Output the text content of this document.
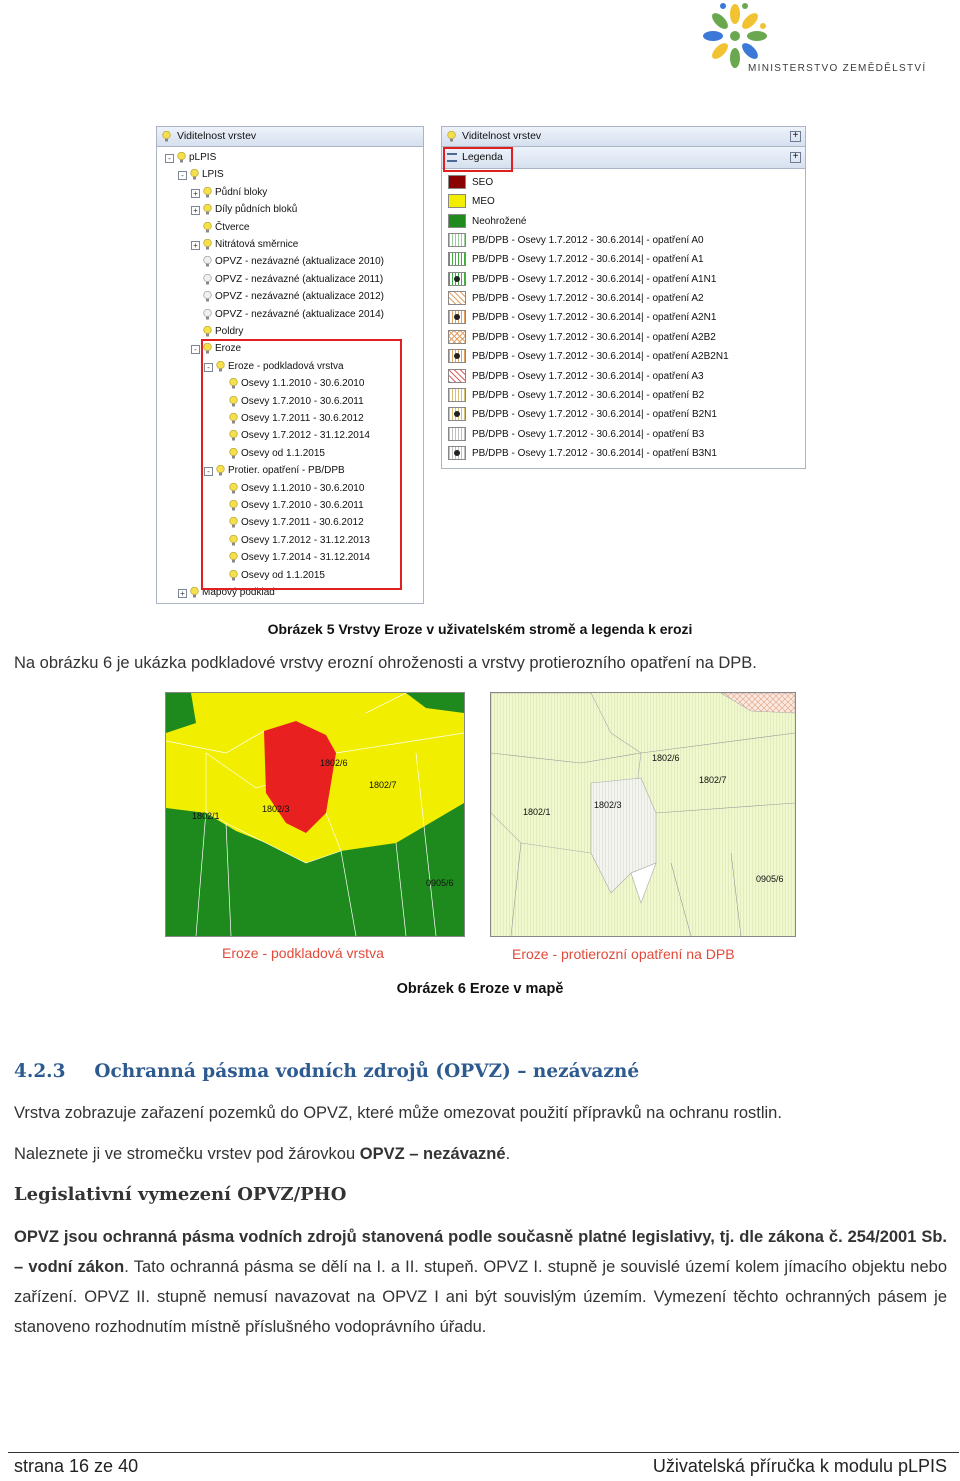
MINISTERSTVO ZEMĚDĚLSTVÍ
Viditelnost vrstev
-	pLPIS
-	LPIS
+ Půdní bloky
+ Díly půdních bloků
Čtverce
+ Nitrátová směrnice
OPVZ - nezávazné (aktualizace 2010)
OPVZ - nezávazné (aktualizace 2011)
OPVZ - nezávazné (aktualizace 2012)
OPVZ - nezávazné (aktualizace 2014)
Poldry
-	Eroze
-	Eroze - podkladová vrstva
Osevy 1.1.2010 - 30.6.2010
Osevy 1.7.2010 - 30.6.2011
Osevy 1.7.2011 - 30.6.2012
Osevy 1.7.2012 - 31.12.2014
Osevy od 1.1.2015
-	Protier. opatření - PB/DPB
Osevy 1.1.2010 - 30.6.2010
Osevy 1.7.2010 - 30.6.2011
Osevy 1.7.2011 - 30.6.2012
Osevy 1.7.2012 - 31.12.2013
Osevy 1.7.2014 - 31.12.2014
Osevy od 1.1.2015
+ Mapový podklad
Viditelnost vrstev	+
Legenda	+
SEO
MEO
Neohrožené
PB/DPB - Osevy 1.7.2012 - 30.6.2014| - opatření A0
PB/DPB - Osevy 1.7.2012 - 30.6.2014| - opatření A1
PB/DPB - Osevy 1.7.2012 - 30.6.2014| - opatření A1N1
PB/DPB - Osevy 1.7.2012 - 30.6.2014| - opatření A2
PB/DPB - Osevy 1.7.2012 - 30.6.2014| - opatření A2N1
PB/DPB - Osevy 1.7.2012 - 30.6.2014| - opatření A2B2
PB/DPB - Osevy 1.7.2012 - 30.6.2014| - opatření A2B2N1
PB/DPB - Osevy 1.7.2012 - 30.6.2014| - opatření A3
PB/DPB - Osevy 1.7.2012 - 30.6.2014| - opatření B2
PB/DPB - Osevy 1.7.2012 - 30.6.2014| - opatření B2N1
PB/DPB - Osevy 1.7.2012 - 30.6.2014| - opatření B3
PB/DPB - Osevy 1.7.2012 - 30.6.2014| - opatření B3N1
Obrázek 5 Vrstvy Eroze v uživatelském stromě a legenda k erozi
Na obrázku 6 je ukázka podkladové vrstvy erozní ohroženosti a vrstvy protierozního opatření na DPB.
1802/6
1802/7
1802/1
1802/3
0905/6
Eroze - podkladová vrstva
1802/6
1802/7
1802/1
1802/3
0905/6
Eroze - protierozní opatření na DPB
Obrázek 6 Eroze v mapě
4.2.3 Ochranná pásma vodních zdrojů (OPVZ) – nezávazné
Vrstva zobrazuje zařazení pozemků do OPVZ, které může omezovat použití přípravků na ochranu rostlin.
Naleznete ji ve stromečku vrstev pod žárovkou OPVZ – nezávazné.
Legislativní vymezení OPVZ/PHO
OPVZ jsou ochranná pásma vodních zdrojů stanovená podle současně platné legislativy, tj. dle zákona č. 254/2001 Sb. – vodní zákon. Tato ochranná pásma se dělí na I. a II. stupeň. OPVZ I. stupně je souvislé území kolem jímacího objektu nebo zařízení. OPVZ II. stupně nemusí navazovat na OPVZ I ani být souvislým územím. Vymezení těchto ochranných pásem je stanoveno rozhodnutím místně příslušného vodoprávního úřadu.
strana 16 ze 40	Uživatelská příručka k modulu pLPIS
